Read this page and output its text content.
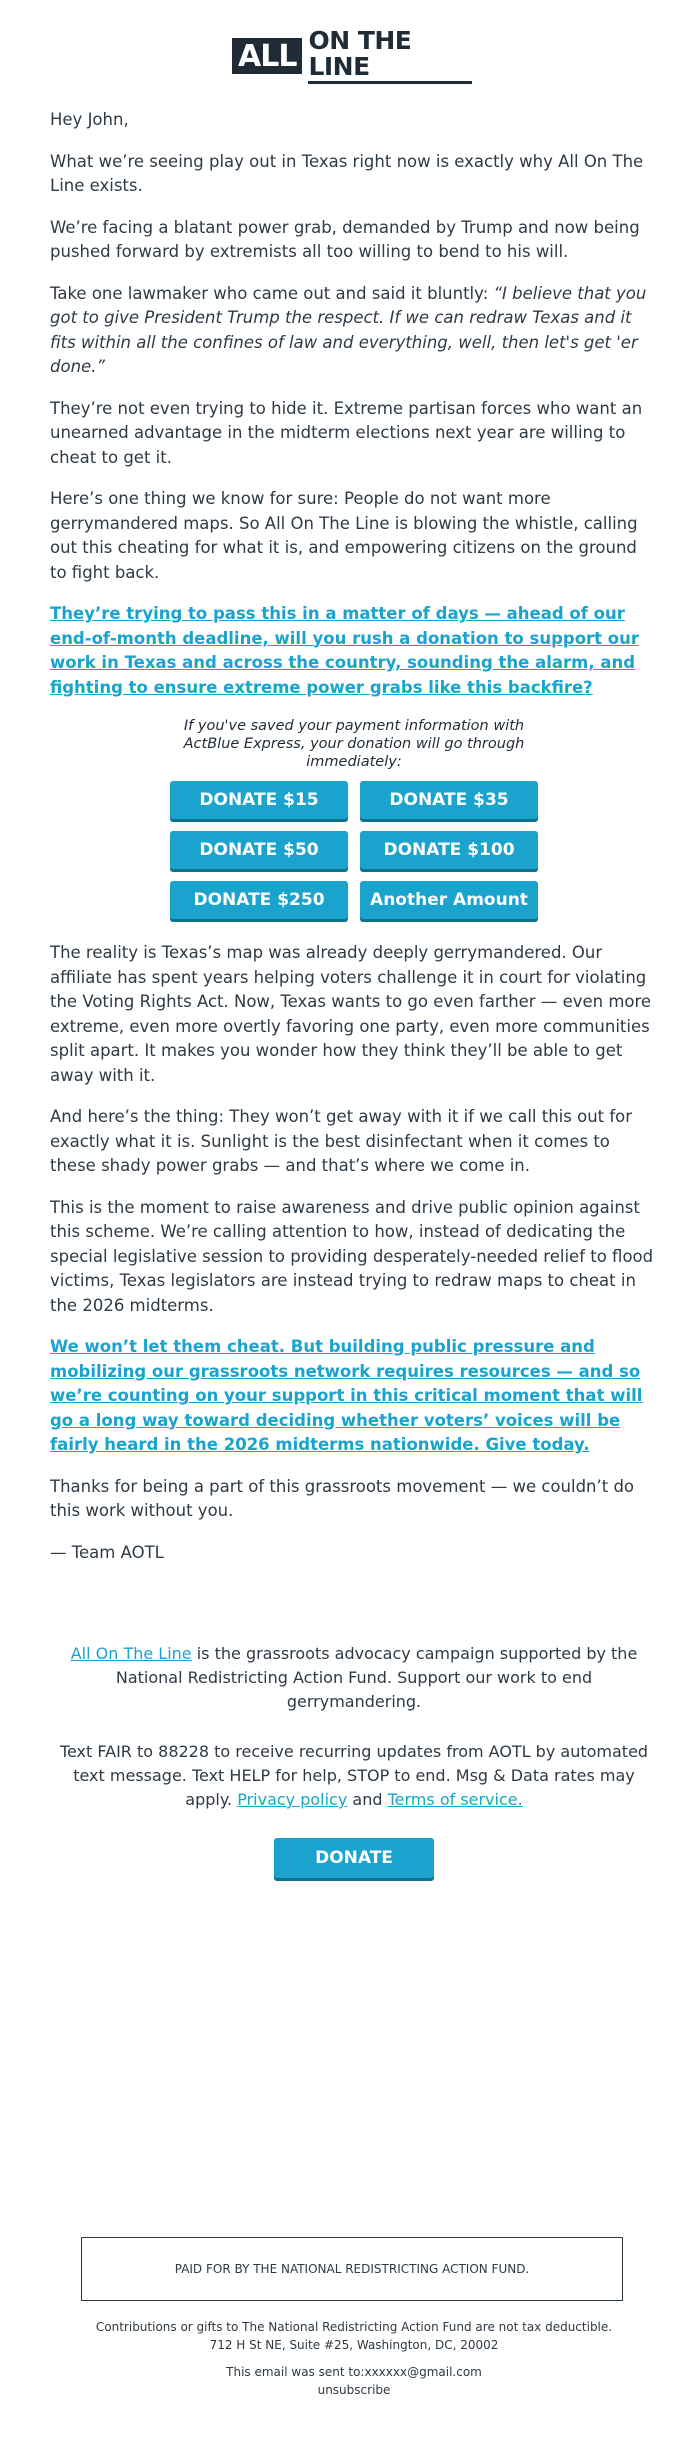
ALL ON THE LINE

Hey John,

What we’re seeing play out in Texas right now is exactly why All On The Line exists.

We’re facing a blatant power grab, demanded by Trump and now being pushed forward by extremists all too willing to bend to his will.

Take one lawmaker who came out and said it bluntly: “I believe that you got to give President Trump the respect. If we can redraw Texas and it fits within all the confines of law and everything, well, then let's get 'er done.”

They’re not even trying to hide it. Extreme partisan forces who want an unearned advantage in the midterm elections next year are willing to cheat to get it.

Here’s one thing we know for sure: People do not want more gerrymandered maps. So All On The Line is blowing the whistle, calling out this cheating for what it is, and empowering citizens on the ground to fight back.

They’re trying to pass this in a matter of days — ahead of our end-of-month deadline, will you rush a donation to support our work in Texas and across the country, sounding the alarm, and fighting to ensure extreme power grabs like this backfire?

If you've saved your payment information with ActBlue Express, your donation will go through immediately:
DONATE $15	DONATE $35
DONATE $50	DONATE $100
DONATE $250	Another Amount

The reality is Texas’s map was already deeply gerrymandered. Our affiliate has spent years helping voters challenge it in court for violating the Voting Rights Act. Now, Texas wants to go even farther — even more extreme, even more overtly favoring one party, even more communities split apart. It makes you wonder how they think they’ll be able to get away with it.

And here’s the thing: They won’t get away with it if we call this out for exactly what it is. Sunlight is the best disinfectant when it comes to these shady power grabs — and that’s where we come in.

This is the moment to raise awareness and drive public opinion against this scheme. We’re calling attention to how, instead of dedicating the special legislative session to providing desperately-needed relief to flood victims, Texas legislators are instead trying to redraw maps to cheat in the 2026 midterms.

We won’t let them cheat. But building public pressure and mobilizing our grassroots network requires resources — and so we’re counting on your support in this critical moment that will go a long way toward deciding whether voters’ voices will be fairly heard in the 2026 midterms nationwide. Give today.

Thanks for being a part of this grassroots movement — we couldn’t do this work without you.

— Team AOTL

All On The Line is the grassroots advocacy campaign supported by the National Redistricting Action Fund. Support our work to end gerrymandering.

Text FAIR to 88228 to receive recurring updates from AOTL by automated text message. Text HELP for help, STOP to end. Msg & Data rates may apply. Privacy policy and Terms of service.

DONATE
PAID FOR BY THE NATIONAL REDISTRICTING ACTION FUND.
Contributions or gifts to The National Redistricting Action Fund are not tax deductible.
712 H St NE, Suite #25, Washington, DC, 20002
This email was sent to:xxxxxx@gmail.com
unsubscribe
